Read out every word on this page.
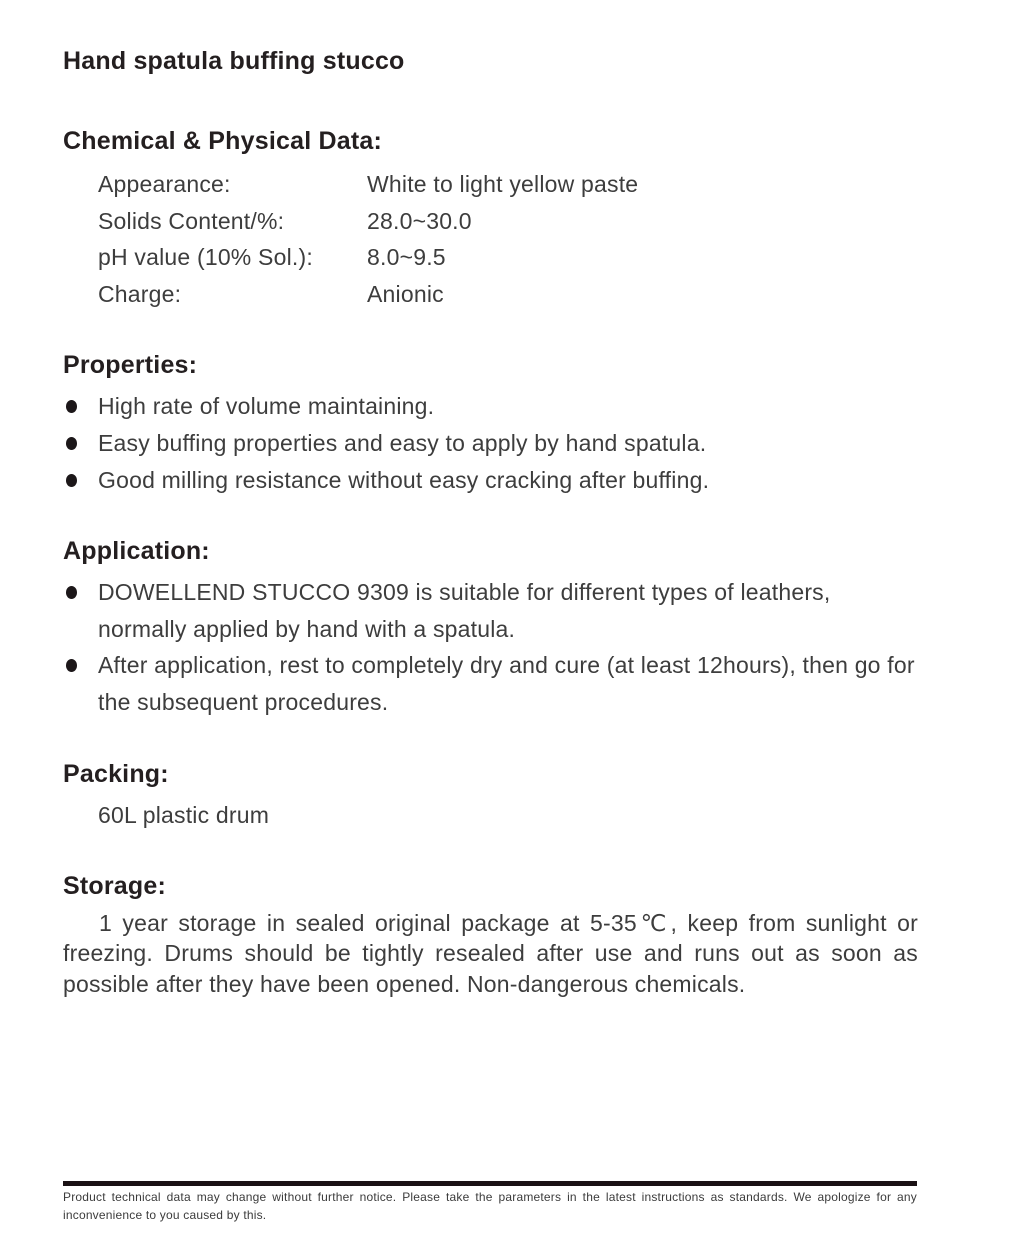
Hand spatula buffing stucco
Chemical & Physical Data:
Appearance:	White to light yellow paste
Solids Content/%:	28.0~30.0
pH value (10% Sol.):	8.0~9.5
Charge:	Anionic
Properties:
High rate of volume maintaining.
Easy buffing properties and easy to apply by hand spatula.
Good milling resistance without easy cracking after buffing.
Application:
DOWELLEND STUCCO 9309 is suitable for different types of leathers, normally applied by hand with a spatula.
After application, rest to completely dry and cure (at least 12hours), then go for the subsequent procedures.
Packing:
60L plastic drum
Storage:

1 year storage in sealed original package at 5-35℃, keep from sunlight or freezing. Drums should be tightly resealed after use and runs out as soon as possible after they have been opened. Non-dangerous chemicals.

Product technical data may change without further notice. Please take the parameters in the latest instructions as standards. We apologize for any inconvenience to you caused by this.
